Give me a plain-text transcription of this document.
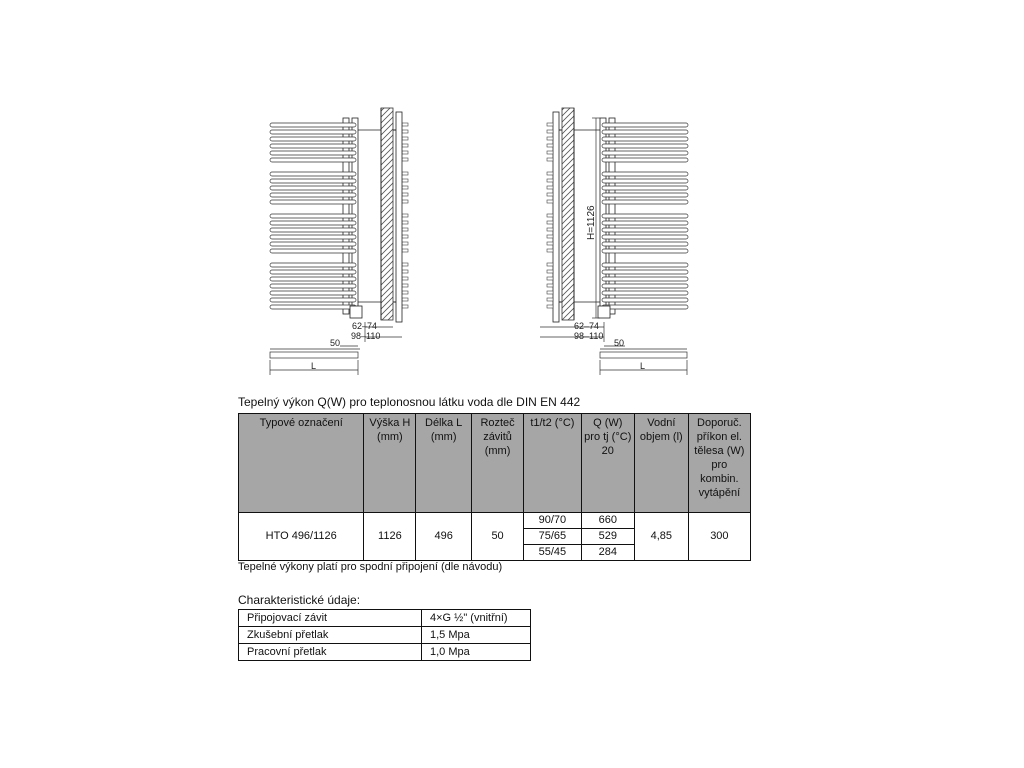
62–74
98–110
50
L
H=1126
62–74
98–110
50
L
Tepelný výkon Q(W) pro teplonosnou látku voda dle DIN EN 442
Typové označení	Výška H (mm)	Délka L (mm)	Rozteč závitů (mm)	t1/t2 (°C)	Q (W) pro tj (°C) 20	Vodní objem (l)	Doporuč. příkon el. tělesa (W) pro kombin. vytápění
HTO 496/1126	1126	496	50	90/70	660	4,85	300
				75/65	529		
				55/45	284		
Tepelné výkony platí pro spodní připojení (dle návodu)
Charakteristické údaje:
Připojovací závit	4×G ½" (vnitřní)
Zkušební přetlak	1,5 Mpa
Pracovní přetlak	1,0 Mpa
